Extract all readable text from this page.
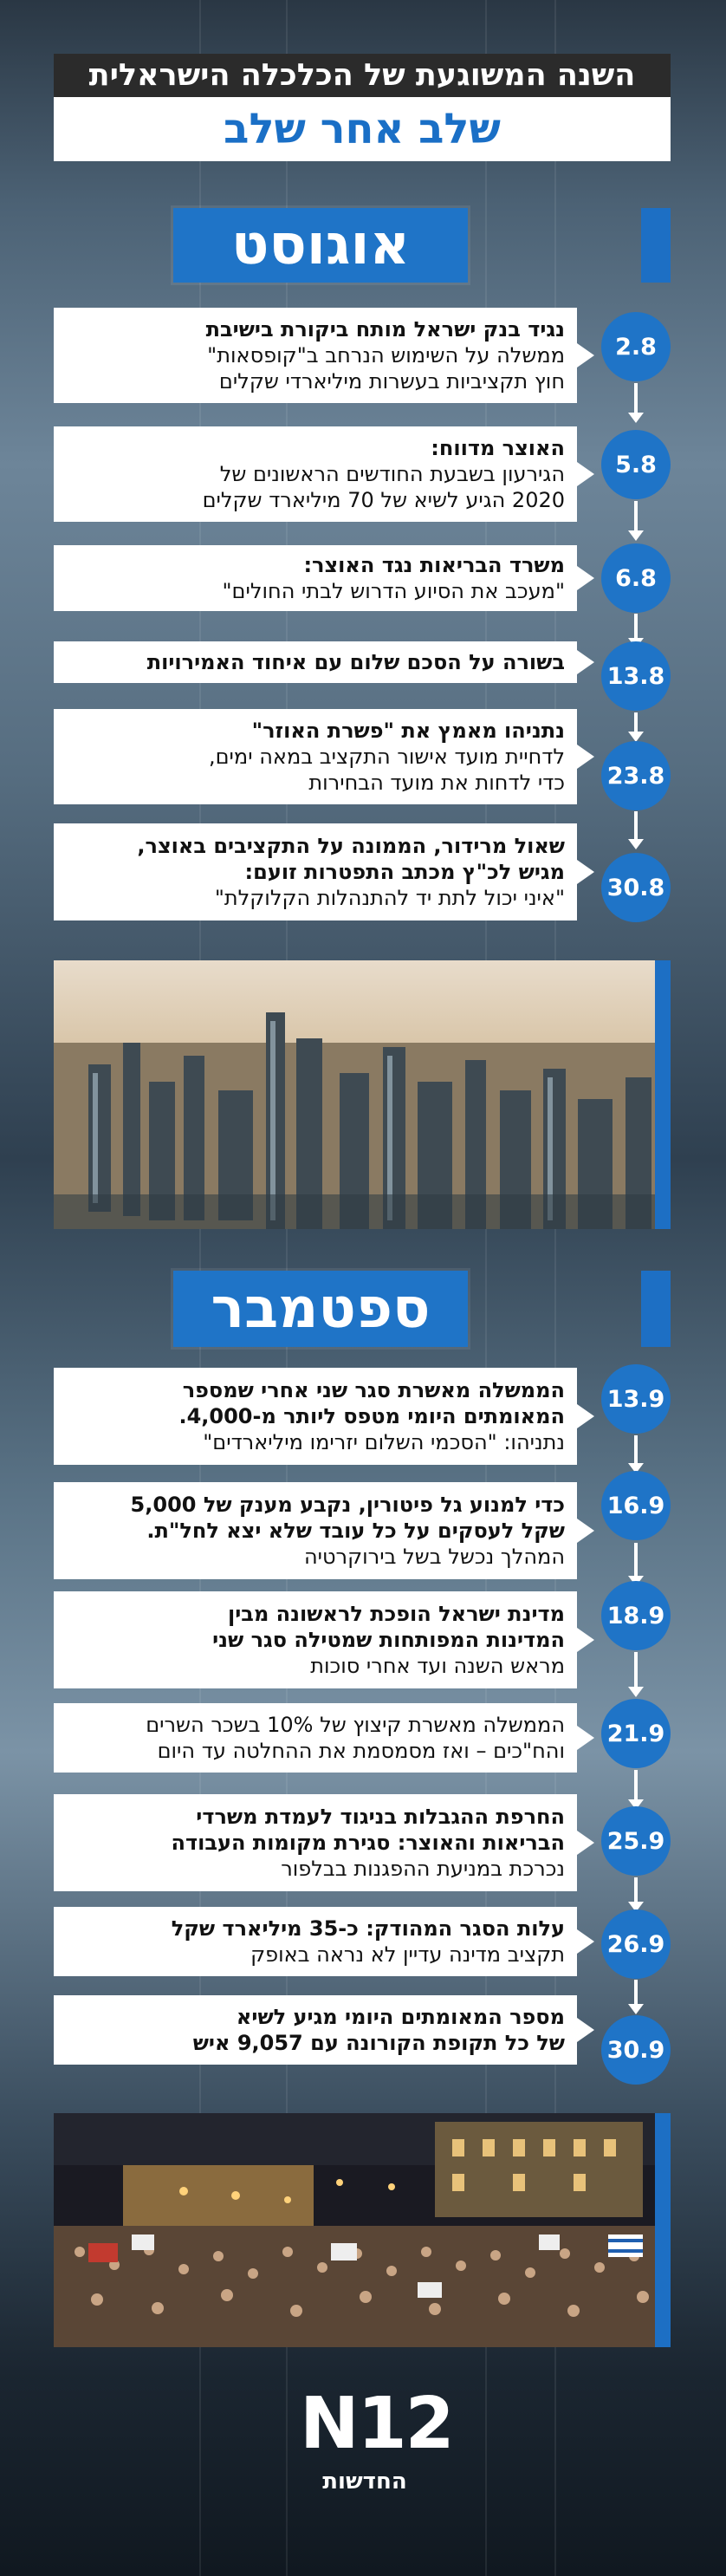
השנה המשוגעת של הכלכלה הישראלית
שלב אחר שלב
אוגוסט
נגיד בנק ישראל מותח ביקורת בישיבת
ממשלה על השימוש הנרחב ב"קופסאות"
חוץ תקציביות בעשרות מיליארדי שקלים
2.8
האוצר מדווח:
הגירעון בשבעת החודשים הראשונים של
2020 הגיע לשיא של 70 מיליארד שקלים
5.8
משרד הבריאות נגד האוצר:
"מעכב את הסיוע הדרוש לבתי החולים"	6.8
בשורה על הסכם שלום עם איחוד האמירויות
13.8
נתניהו מאמץ את "פשרת האוזר"
לדחיית מועד אישור התקציב במאה ימים,
כדי לדחות את מועד הבחירות 23.8
שאול מרידור, הממונה על התקציבים באוצר,
מגיש לכ"ץ מכתב התפטרות זועם:
"איני יכול לתת יד להתנהלות הקלוקלת" 30.8
ספטמבר
הממשלה מאשרת סגר שני אחרי שמספר
המאומתים היומי מטפס ליותר מ-4,000.
נתניהו: "הסכמי השלום יזרימו מיליארדים"
13.9
כדי למנוע גל פיטורין, נקבע מענק של 5,000
שקל לעסקים על כל עובד שלא יצא לחל"ת.
המהלך נכשל בשל בירוקרטיה
16.9
מדינת ישראל הופכת לראשונה מבין
המדינות המפותחות שמטילה סגר שני
מראש השנה ועד אחרי סוכות
18.9
הממשלה מאשרת קיצוץ של 10% בשכר השרים
והח"כים – ואז מסמסמת את ההחלטה עד היום
21.9
החרפת ההגבלות בניגוד לעמדת משרדי
הבריאות והאוצר: סגירת מקומות העבודה
נכרכת במניעת ההפגנות בבלפור
25.9
עלות הסגר המהודק: כ-35 מיליארד שקל
תקציב מדינה עדיין לא נראה באופק 26.9
מספר המאומתים היומי מגיע לשיא
של כל תקופת הקורונה עם 9,057 איש 30.9
N12
החדשות
